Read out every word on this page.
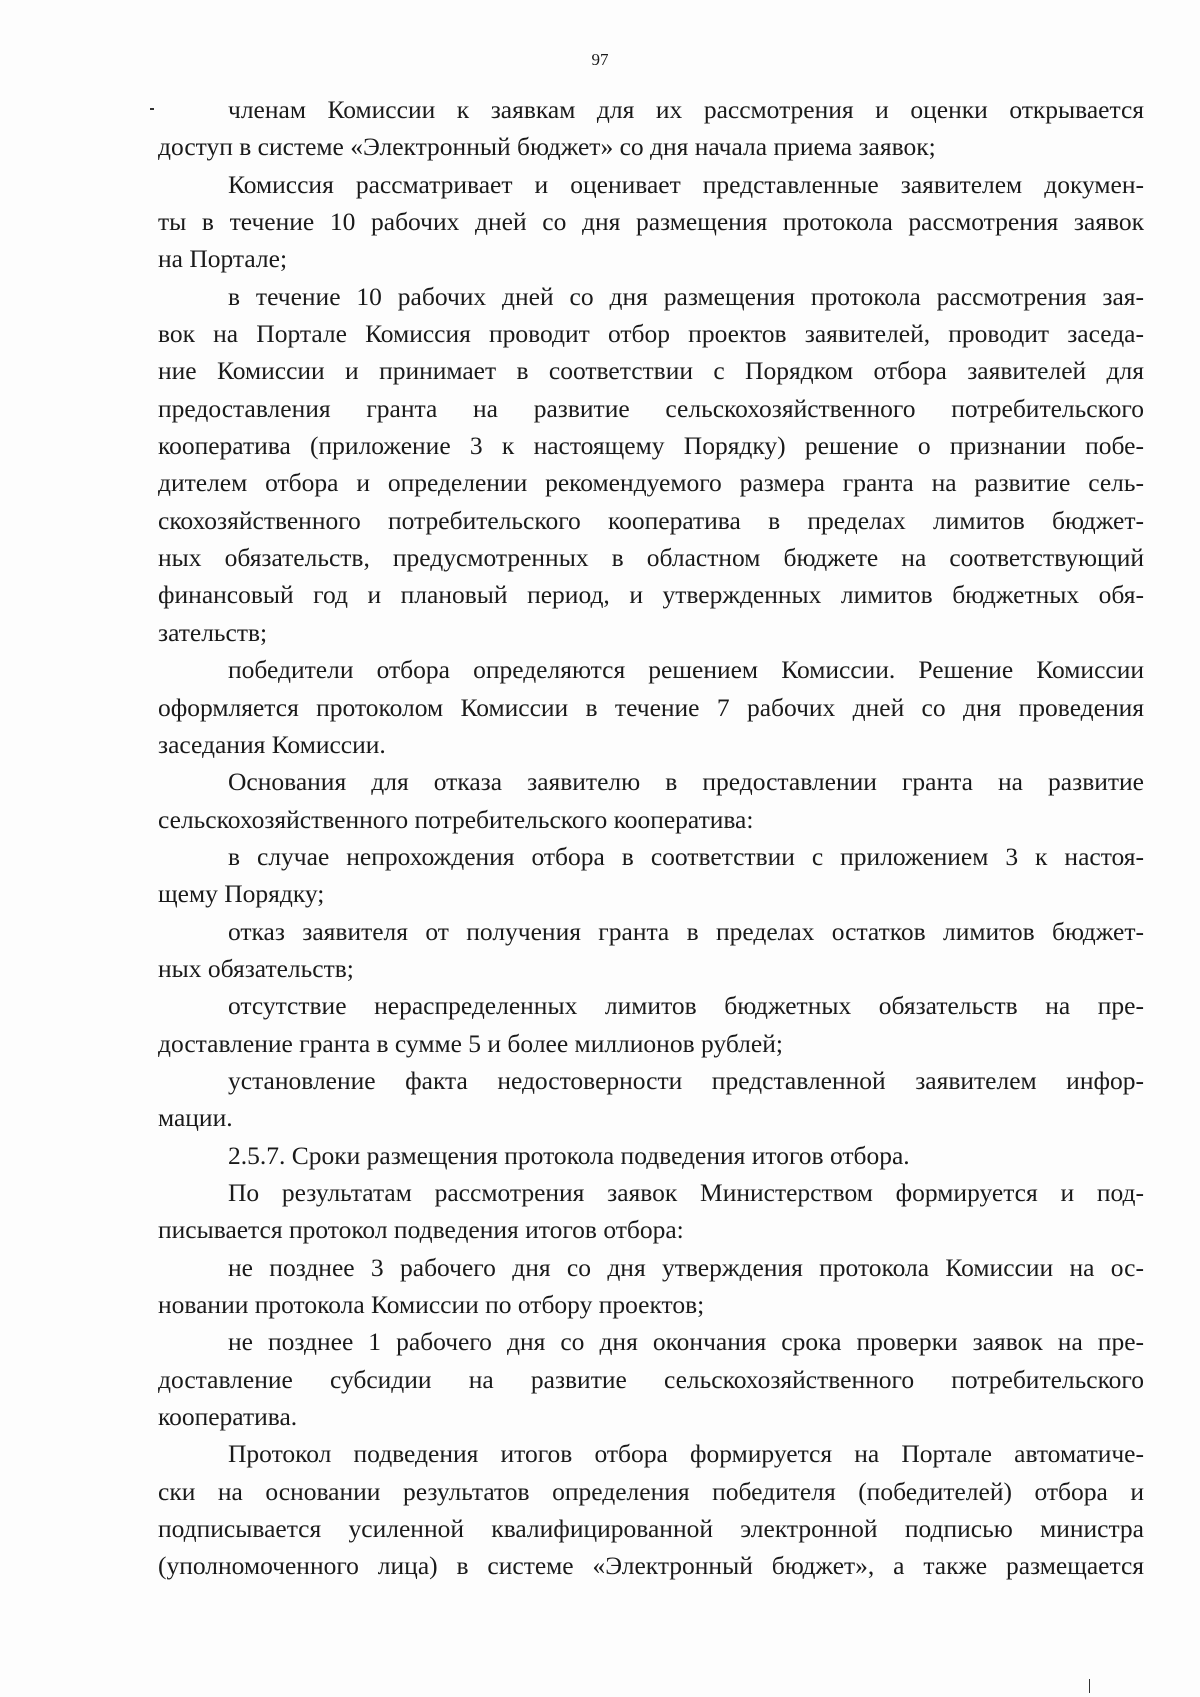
97
членам Комиссии к заявкам для их рассмотрения и оценки открывается
доступ в системе «Электронный бюджет» со дня начала приема заявок;
Комиссия рассматривает и оценивает представленные заявителем докумен-
ты в течение 10 рабочих дней со дня размещения протокола рассмотрения заявок
на Портале;
в течение 10 рабочих дней со дня размещения протокола рассмотрения зая-
вок на Портале Комиссия проводит отбор проектов заявителей, проводит заседа-
ние Комиссии и принимает в соответствии с Порядком отбора заявителей для
предоставления гранта на развитие сельскохозяйственного потребительского
кооператива (приложение 3 к настоящему Порядку) решение о признании побе-
дителем отбора и определении рекомендуемого размера гранта на развитие сель-
скохозяйственного потребительского кооператива в пределах лимитов бюджет-
ных обязательств, предусмотренных в областном бюджете на соответствующий
финансовый год и плановый период, и утвержденных лимитов бюджетных обя-
зательств;
победители отбора определяются решением Комиссии. Решение Комиссии
оформляется протоколом Комиссии в течение 7 рабочих дней со дня проведения
заседания Комиссии.
Основания для отказа заявителю в предоставлении гранта на развитие
сельскохозяйственного потребительского кооператива:
в случае непрохождения отбора в соответствии с приложением 3 к настоя-
щему Порядку;
отказ заявителя от получения гранта в пределах остатков лимитов бюджет-
ных обязательств;
отсутствие нераспределенных лимитов бюджетных обязательств на пре-
доставление гранта в сумме 5 и более миллионов рублей;
установление факта недостоверности представленной заявителем инфор-
мации.
2.5.7. Сроки размещения протокола подведения итогов отбора.
По результатам рассмотрения заявок Министерством формируется и под-
писывается протокол подведения итогов отбора:
не позднее 3 рабочего дня со дня утверждения протокола Комиссии на ос-
новании протокола Комиссии по отбору проектов;
не позднее 1 рабочего дня со дня окончания срока проверки заявок на пре-
доставление субсидии на развитие сельскохозяйственного потребительского
кооператива.
Протокол подведения итогов отбора формируется на Портале автоматиче-
ски на основании результатов определения победителя (победителей) отбора и
подписывается усиленной квалифицированной электронной подписью министра
(уполномоченного лица) в системе «Электронный бюджет», а также размещается
